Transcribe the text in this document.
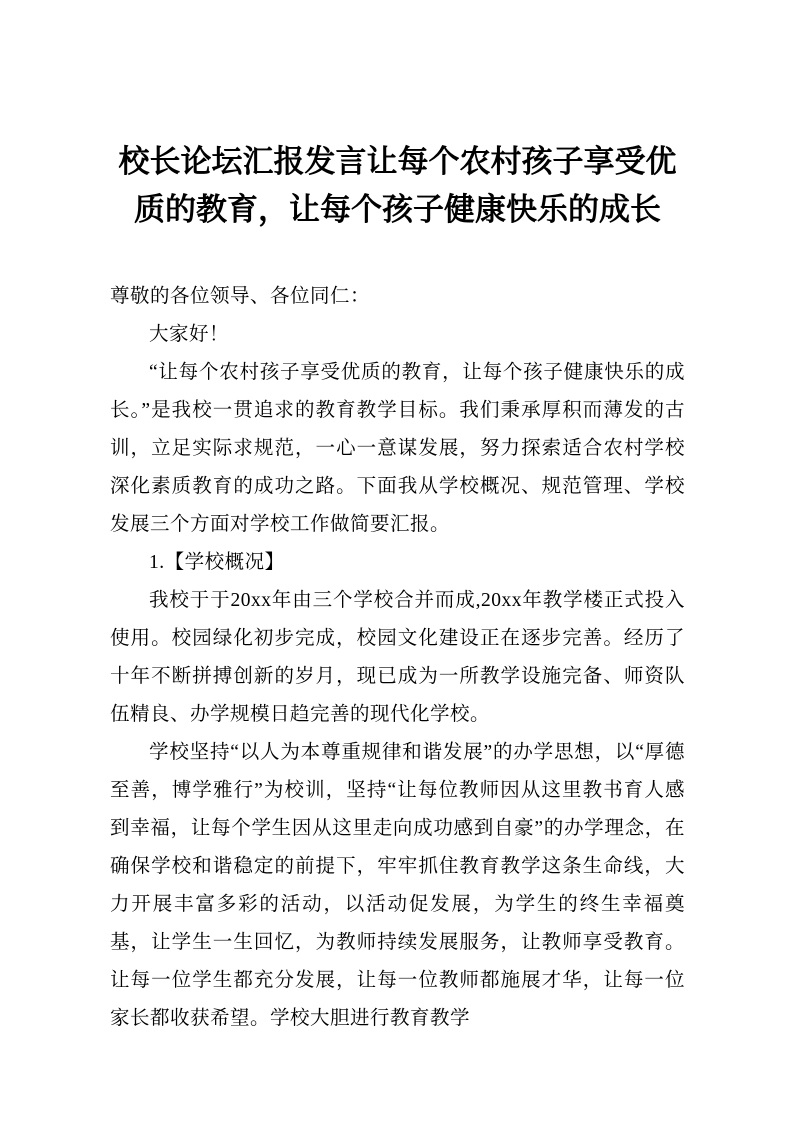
校长论坛汇报发言让每个农村孩子享受优质的教育，让每个孩子健康快乐的成长

尊敬的各位领导、各位同仁：

大家好！

“让每个农村孩子享受优质的教育，让每个孩子健康快乐的成长。”是我校一贯追求的教育教学目标。我们秉承厚积而薄发的古训，立足实际求规范，一心一意谋发展，努力探索适合农村学校深化素质教育的成功之路。下面我从学校概况、规范管理、学校发展三个方面对学校工作做简要汇报。

1.【学校概况】

我校于于20xx年由三个学校合并而成,20xx年教学楼正式投入使用。校园绿化初步完成，校园文化建设正在逐步完善。经历了十年不断拼搏创新的岁月，现已成为一所教学设施完备、师资队伍精良、办学规模日趋完善的现代化学校。

学校坚持“以人为本尊重规律和谐发展”的办学思想，以“厚德至善，博学雅行”为校训，坚持“让每位教师因从这里教书育人感到幸福，让每个学生因从这里走向成功感到自豪”的办学理念，在确保学校和谐稳定的前提下，牢牢抓住教育教学这条生命线，大力开展丰富多彩的活动，以活动促发展，为学生的终生幸福奠基，让学生一生回忆，为教师持续发展服务，让教师享受教育。让每一位学生都充分发展，让每一位教师都施展才华，让每一位家长都收获希望。学校大胆进行教育教学
